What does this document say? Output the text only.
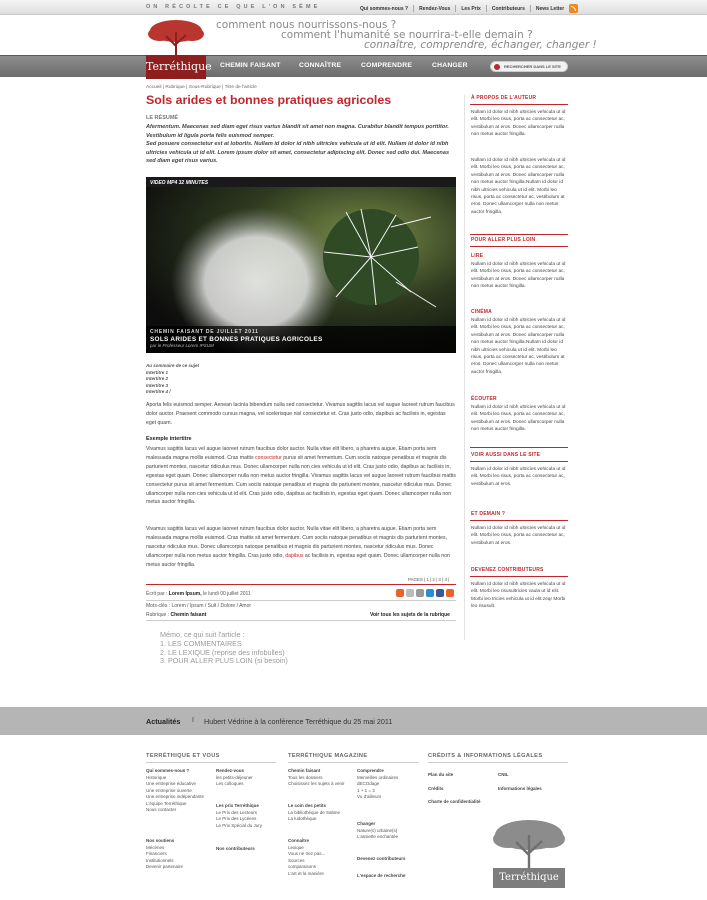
ON RÉCOLTE CE QUE L'ON SÈME	Qui sommes-nous ? Rendez-Vous Les Prix Contributeurs News Letter
comment nous nourrissons-nous ?
comment l'humanité se nourrira-t-elle demain ?
connaître, comprendre, échanger, changer !
Terréthique CHEMIN FAISANT	CONNAÎTRE	COMPRENDRE	CHANGER	RECHERCHER DANS LE SITE
Accueil | Rubrique | Sous-Rubrique | Titre de l'article
Sols arides et bonnes pratiques agricoles
LE RÉSUMÉ
Afermentum. Maecenas sed diam eget risus varius blandit sit amet non magna. Curabitur blandit tempus porttitor. Vestibulum id ligula porta felis euismod semper.
Sed posuere consectetur est at lobortis. Nullam id dolor id nibh ultricies vehicula ut id elit. Nullam id dolor id nibh ultricies vehicula ut id elit. Lorem ipsum dolor sit amet, consectetur adipiscing elit. Donec sed odio dui. Maecenas sed diam eget risus varius.
VIDEO MP4 32 MINUTES
CHEMIN FAISANT DE JUILLET 2011
SOLS ARIDES ET BONNES PRATIQUES AGRICOLES
par le Professeur Lorem IPSUM
Au sommaire de ce sujet
Intertitre 1
Intertitre 2
Intertitre 3
Intertitre 4 /
Aporta felis euismod semper. Aenean lacinia bibendum nulla sed consectetur. Vivamus sagittis lacus vel augue laoreet rutrum faucibus dolor auctor. Praesent commodo cursus magna, vel scelerisque nisl consectetur et. Cras justo odio, dapibus ac facilisis in, egestas eget quam.
Exemple intertitre
Vivamus sagittis lacus vel augue laoreet rutrum faucibus dolor auctor. Nulla vitae elit libero, a pharetra augue. Etiam porta sem malesuada magna mollis euismod. Cras mattis consectetur purus sit amet fermentum. Cum sociis natoque penatibus et magnis dis parturient montes, nascetur ridiculus mus. Donec ullamcorper nulla non cies vehicula ut id elit. Cras justo odio, dapibus ac facilisis in, egestas eget quam. Donec ullamcorper nulla non metus auctor fringilla. Vivamus sagittis lacus vel augue laoreet rutrum faucibus mattis consectetur purus sit amet fermentum. Cum sociis natoque penatibus et magnis dis parturient montes, nascetur ridiculus mus. Donec ullamcorper nulla non cies vehicula ut id elit. Cras justo odio, dapibus ac facilisis in, egestas eget quam. Donec ullamcorper nulla non metus auctor fringilla.
Vivamus sagittis lacus vel augue laoreet rutrum faucibus dolor auctor. Nulla vitae elit libero, a pharetra augue. Etiam porta sem malesuada magna mollis euismod. Cras mattis sit amet fermentum. Cum sociis natoque penatibus et magnis dis parturient montes, nascetur ridiculus mus. Donec ullamcorpis natoque penatibus et magnis dis parturient montes, nascetur ridiculus mus. Donec ullamcorper nulla non metus auctor fringilla. Cras justo odio, dapibus ac facilisis in, egestas eget quam. Donec ullamcorper nulla non metus auctor fringilla.
PAGES | 1 | 2 | 3 | 4 |
Écrit par : Lorem Ipsum, le lundi 00 juillet 2011
Mots-clés : Lorem / Ipsum / Sult / Dolore / Amor
Rubrique : Chemin faisant	Voir tous les sujets de la rubrique
Mémo, ce qui suit l'article :
1. LES COMMENTAIRES
2. LE LEXIQUE (reprise des infobulles)
3. POUR ALLER PLUS LOIN (si besoin)
À PROPOS DE L'AUTEUR
Nullam id dolor id nibh ultricies vehicula ut id elit. Morbi leo risus, porta ac consectetur ac, vestibulum at eros. Donec ullamcorper nulla non metus auctor fringilla.
Nullam id dolor id nibh ultricies vehicula ut id elit. Morbi leo risus, porta ac consectetur ac, vestibulum at eros. Donec ullamcorper nulla non metus auctor fringilla.Nullam id dolor id nibh ultricies vehicula ut id elit. Morbi leo risus, porta ac consectetur ac, vestibulum at eros. Donec ullamcorper nulla non metus auctor fringilla.
POUR ALLER PLUS LOIN
LIRE
Nullam id dolor id nibh ultricies vehicula ut id elit. Morbi leo risus, porta ac consectetur ac, vestibulum at eros. Donec ullamcorper nulla non metus auctor fringilla.
CINÉMA
Nullam id dolor id nibh ultricies vehicula ut id elit. Morbi leo risus, porta ac consectetur ac, vestibulum at eros. Donec ullamcorper nulla non metus auctor fringilla.Nullam id dolor id nibh ultricies vehicula ut id elit. Morbi leo risus, porta ac consectetur ac, vestibulum at eros. Donec ullamcorper nulla non metus auctor fringilla.
ÉCOUTER
Nullam id dolor id nibh ultricies vehicula ut id elit. Morbi leo risus, porta ac consectetur ac, vestibulum at eros. Donec ullamcorper nulla non metus auctor fringilla.
VOIR AUSSI DANS LE SITE
Nullam id dolor id nibh ultricies vehicula ut id elit. Morbi leo risus, porta ac consectetur ac, vestibulum at eros.
ET DEMAIN ?
Nullam id dolor id nibh ultricies vehicula ut id elit. Morbi leo risus, porta ac consectetur ac, vestibulum at eros.
DEVENEZ CONTRIBUTEURS
Nullam id dolor id nibh ultricies vehicula ut id elit. Morbi leo risusultricies vaula ut id elit. Morbi leo tricies vehicula ut id elit.zeqr Morbi leo risusult.
Actualités I Hubert Védrine à la conférence Terréthique du 25 mai 2011
TERRÉTHIQUE ET VOUS	TERRÉTHIQUE MAGAZINE	CRÉDITS & INFORMATIONS LÉGALES
Qui sommes-nous ?
Historique
Une entreprise éducative
Une entreprise ouverte
Une entreprise indépendante
L'équipe Terréthique
Nous contacter
Nos soutiens
Mécènes
Financiers
Institutionnels
Devenir partenaire
Rendez-vous
les petits-déjeuner
Les colloques
Les prix Terréthique
Le Prix des Lecteurs
Le Prix des Lycéens
Le Prix Spécial du Jury
Nos contributeurs
Chemin faisant
Tous les dossiers
Choisissez les sujets à venir
Le coin des petits
La bibliothèque de Sabine
La ludothèque
Connaître
Lexique
Vous ne Irez pas...
Sources
comparaisons
L'art et la manière
Comprendre
Merveilles ordinaires
dECOdage
1 + 1 = 3
Vu d'ailleurs
Changer
Nature(s) urbaine(s)
L'assiette enchantée
Devenez contributeurs
L'espace de recherche
Plan du site
Crédits
Charte de confidentialité
CNIL
Informations légales
Terréthique
